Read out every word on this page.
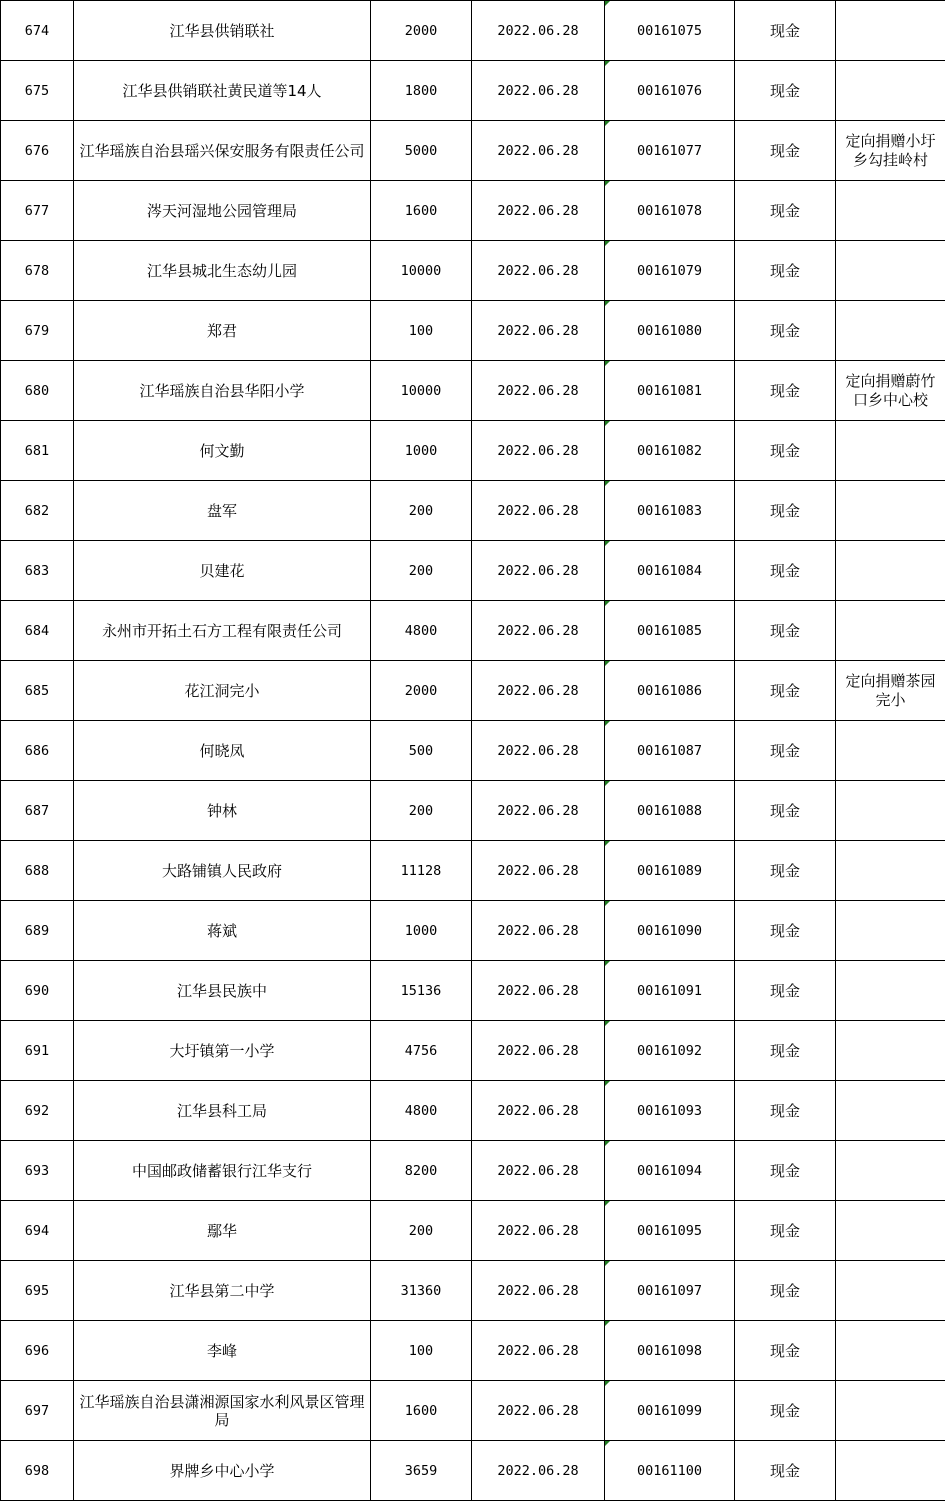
674	江华县供销联社	2000	2022.06.28	00161075	现金	
675	江华县供销联社黄民道等14人	1800	2022.06.28	00161076	现金	
676	江华瑶族自治县瑶兴保安服务有限责任公司	5000	2022.06.28	00161077	现金	定向捐赠小圩乡勾挂岭村
677	涔天河湿地公园管理局	1600	2022.06.28	00161078	现金	
678	江华县城北生态幼儿园	10000	2022.06.28	00161079	现金	
679	郑君	100	2022.06.28	00161080	现金	
680	江华瑶族自治县华阳小学	10000	2022.06.28	00161081	现金	定向捐赠蔚竹口乡中心校
681	何文勤	1000	2022.06.28	00161082	现金	
682	盘军	200	2022.06.28	00161083	现金	
683	贝建花	200	2022.06.28	00161084	现金	
684	永州市开拓土石方工程有限责任公司	4800	2022.06.28	00161085	现金	
685	花江洞完小	2000	2022.06.28	00161086	现金	定向捐赠茶园完小
686	何晓凤	500	2022.06.28	00161087	现金	
687	钟林	200	2022.06.28	00161088	现金	
688	大路铺镇人民政府	11128	2022.06.28	00161089	现金	
689	蒋斌	1000	2022.06.28	00161090	现金	
690	江华县民族中	15136	2022.06.28	00161091	现金	
691	大圩镇第一小学	4756	2022.06.28	00161092	现金	
692	江华县科工局	4800	2022.06.28	00161093	现金	
693	中国邮政储蓄银行江华支行	8200	2022.06.28	00161094	现金	
694	鄢华	200	2022.06.28	00161095	现金	
695	江华县第二中学	31360	2022.06.28	00161097	现金	
696	李峰	100	2022.06.28	00161098	现金	
697	江华瑶族自治县潇湘源国家水利风景区管理局	1600	2022.06.28	00161099	现金	
698	界牌乡中心小学	3659	2022.06.28	00161100	现金	
